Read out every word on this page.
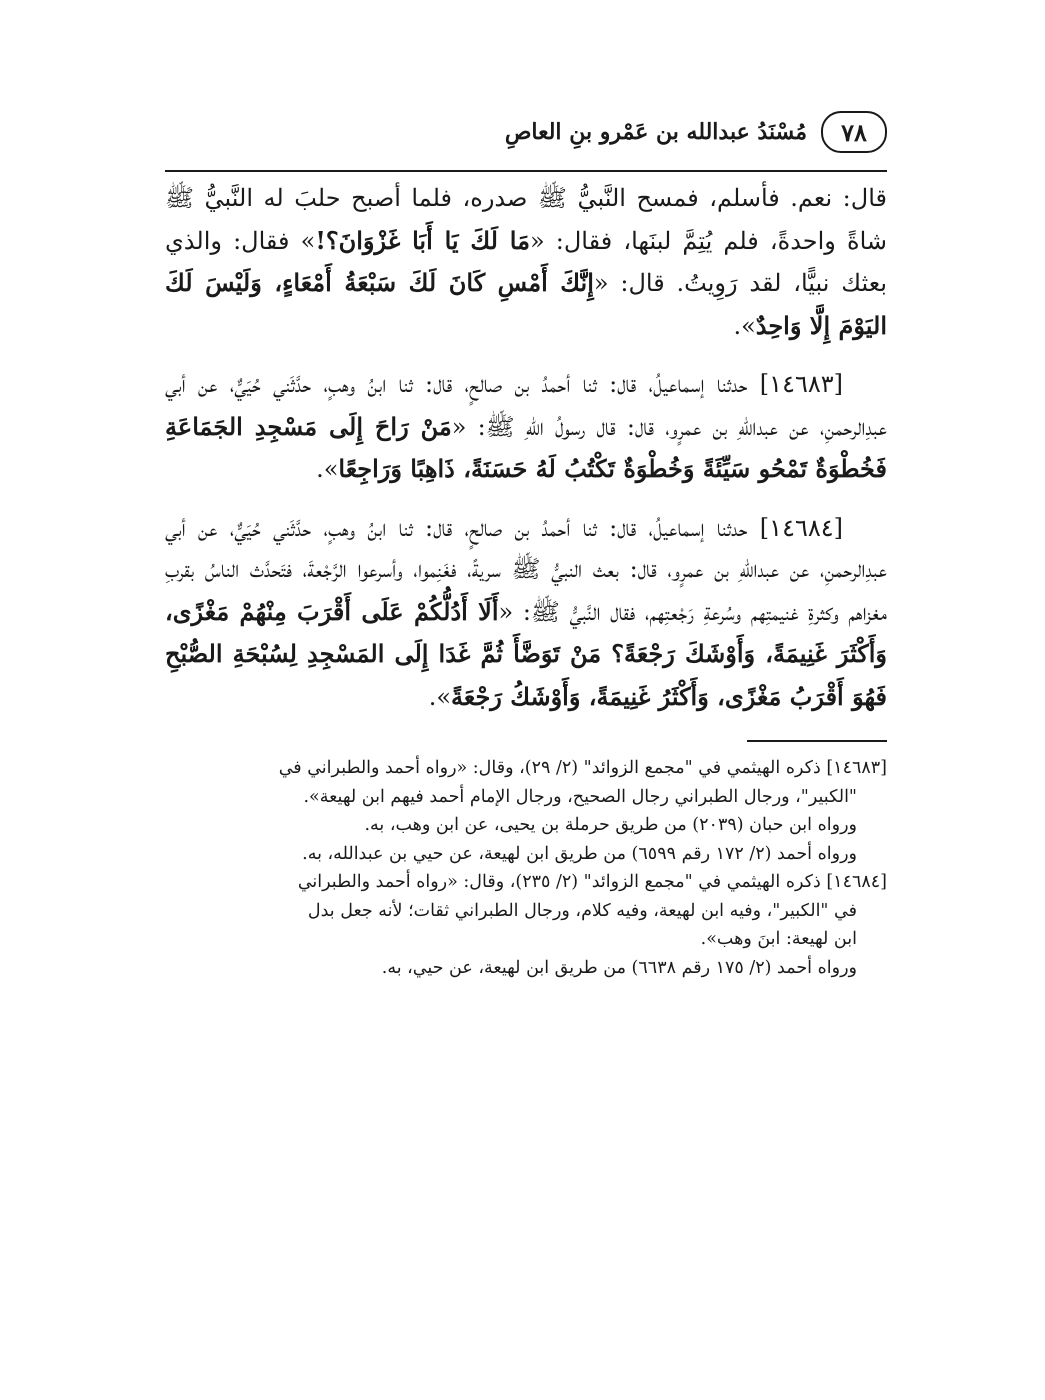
٧٨
مُسْنَدُ عبدالله بن عَمْرو بنِ العاصِ

قال: نعم. فأسلم، فمسح النَّبيُّ ﷺ صدره، فلما أصبح حلبَ له النَّبيُّ ﷺ شاةً واحدةً، فلم يُتِمَّ لبنَها، فقال: «مَا لَكَ يَا أَبَا غَزْوَانَ؟!» فقال: والذي بعثك نبيًّا، لقد رَوِيتُ. قال: «إِنَّكَ أَمْسِ كَانَ لَكَ سَبْعَةُ أَمْعَاءٍ، وَلَيْسَ لَكَ اليَوْمَ إِلَّا وَاحِدٌ».

[١٤٦٨٣] حدثنا إسماعيلُ، قال: ثنا أحمدُ بن صالحٍ، قال: ثنا ابنُ وهبٍ، حدَّثَني حُيَيٌّ، عن أبي عبدِالرحمنِ، عن عبداللهِ بن عمرٍو، قال: قال رسولُ اللهِ ﷺ: «مَنْ رَاحَ إِلَى مَسْجِدِ الجَمَاعَةِ فَخُطْوَةٌ تَمْحُو سَيِّئَةً وَخُطْوَةٌ تَكْتُبُ لَهُ حَسَنَةً، ذَاهِبًا وَرَاجِعًا».

[١٤٦٨٤] حدثنا إسماعيلُ، قال: ثنا أحمدُ بن صالحٍ، قال: ثنا ابنُ وهبٍ، حدَّثَني حُيَيٌّ، عن أبي عبدِالرحمنِ، عن عبداللهِ بن عمرٍو، قال: بعث النبيُّ ﷺ سريةً، فغَنِموا، وأسرعوا الرَّجْعةَ، فتَحدَّث الناسُ بقربِ مغزاهم وكثرةِ غنيمتِهم وسُرعةِ رَجْعتِهم، فقال النَّبيُّ ﷺ: «أَلَا أَدُلُّكُمْ عَلَى أَقْرَبَ مِنْهُمْ مَغْزًى، وَأَكْثَرَ غَنِيمَةً، وَأَوْشَكَ رَجْعَةً؟ مَنْ تَوَضَّأَ ثُمَّ غَدَا إِلَى المَسْجِدِ لِسُبْحَةِ الصُّبْحِ فَهُوَ أَقْرَبُ مَغْزًى، وَأَكْثَرُ غَنِيمَةً، وَأَوْشَكُ رَجْعَةً».

[١٤٦٨٣] ذكره الهيثمي في "مجمع الزوائد" (٢/ ٢٩)، وقال: «رواه أحمد والطبراني في

"الكبير"، ورجال الطبراني رجال الصحيح، ورجال الإمام أحمد فيهم ابن لهيعة».

ورواه ابن حبان (٢٠٣٩) من طريق حرملة بن يحيى، عن ابن وهب، به.

ورواه أحمد (٢/ ١٧٢ رقم ٦٥٩٩) من طريق ابن لهيعة، عن حيي بن عبدالله، به.

[١٤٦٨٤] ذكره الهيثمي في "مجمع الزوائد" (٢/ ٢٣٥)، وقال: «رواه أحمد والطبراني

في "الكبير"، وفيه ابن لهيعة، وفيه كلام، ورجال الطبراني ثقات؛ لأنه جعل بدل

ابن لهيعة: ابنَ وهب».

ورواه أحمد (٢/ ١٧٥ رقم ٦٦٣٨) من طريق ابن لهيعة، عن حيي، به.
